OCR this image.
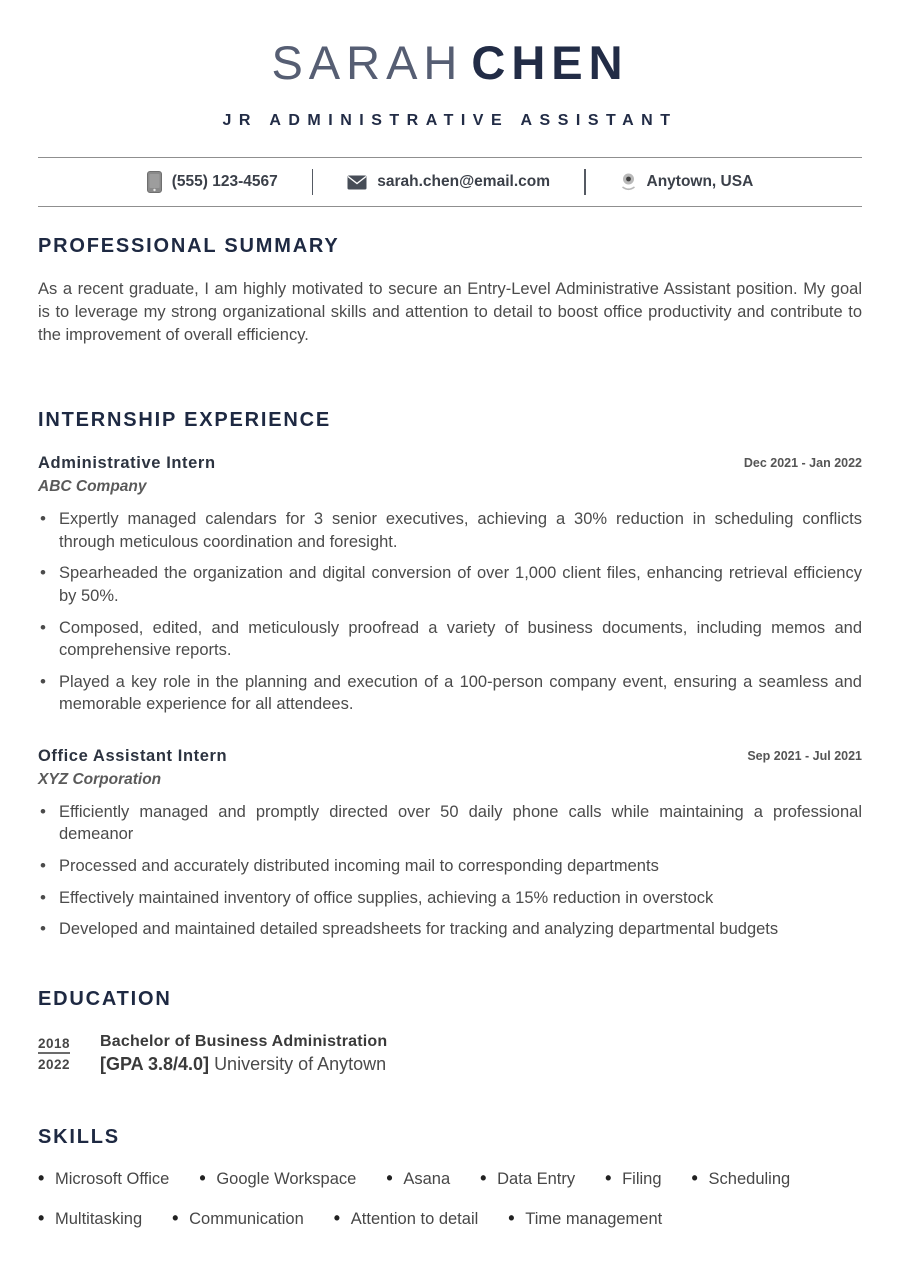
SARAH CHEN
JR ADMINISTRATIVE ASSISTANT
(555) 123-4567	sarah.chen@email.com	Anytown, USA
PROFESSIONAL SUMMARY

As a recent graduate, I am highly motivated to secure an Entry-Level Administrative Assistant position. My goal is to leverage my strong organizational skills and attention to detail to boost office productivity and contribute to the improvement of overall efficiency.

INTERNSHIP EXPERIENCE
Administrative Intern
ABC Company
Dec 2021 - Jan 2022
• Expertly managed calendars for 3 senior executives, achieving a 30% reduction in scheduling conflicts through meticulous coordination and foresight.
• Spearheaded the organization and digital conversion of over 1,000 client files, enhancing retrieval efficiency by 50%.
• Composed, edited, and meticulously proofread a variety of business documents, including memos and comprehensive reports.
• Played a key role in the planning and execution of a 100-person company event, ensuring a seamless and memorable experience for all attendees.
Office Assistant Intern
XYZ Corporation
Sep 2021 - Jul 2021
• Efficiently managed and promptly directed over 50 daily phone calls while maintaining a professional demeanor
• Processed and accurately distributed incoming mail to corresponding departments
• Effectively maintained inventory of office supplies, achieving a 15% reduction in overstock
• Developed and maintained detailed spreadsheets for tracking and analyzing departmental budgets
EDUCATION
2018
2022
Bachelor of Business Administration
[GPA 3.8/4.0] University of Anytown
SKILLS
• Microsoft Office	• Google Workspace	• Asana	• Data Entry	• Filing	• Scheduling
• Multitasking	• Communication	• Attention to detail	• Time management
